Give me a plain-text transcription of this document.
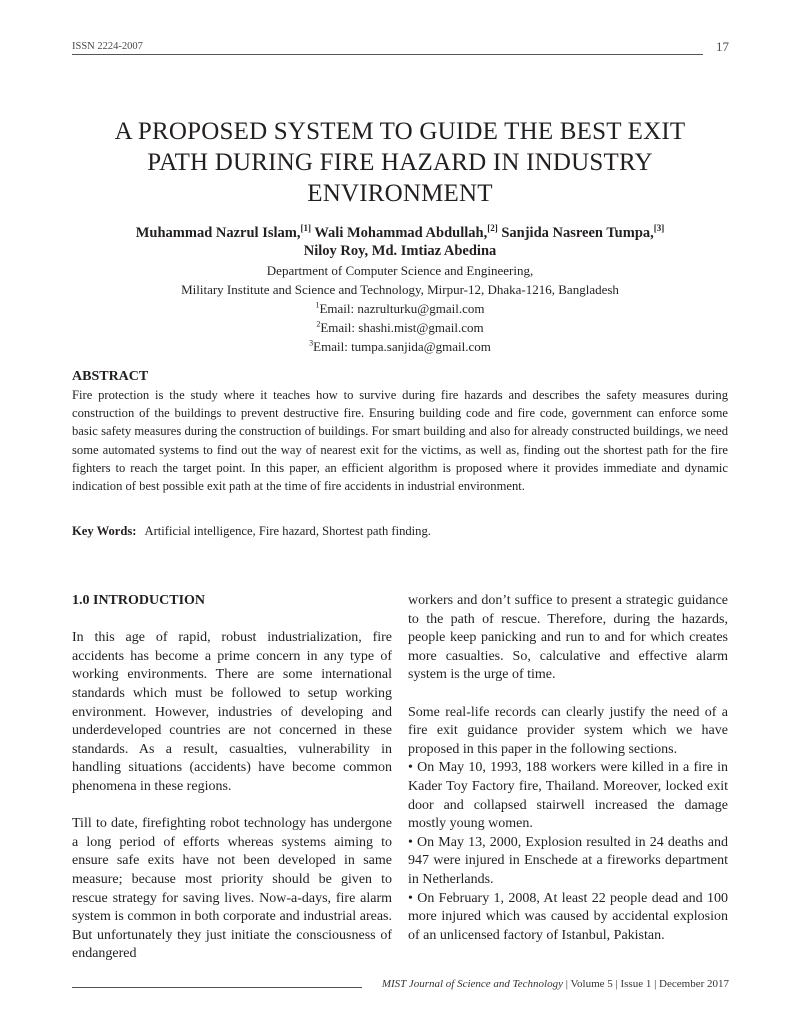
ISSN 2224-2007	17
A PROPOSED SYSTEM TO GUIDE THE BEST EXIT
PATH DURING FIRE HAZARD IN INDUSTRY
ENVIRONMENT
Muhammad Nazrul Islam,[1] Wali Mohammad Abdullah,[2] Sanjida Nasreen Tumpa,[3]
Niloy Roy, Md. Imtiaz Abedina
Department of Computer Science and Engineering,
Military Institute and Science and Technology, Mirpur-12, Dhaka-1216, Bangladesh
$^1$Email: nazrulturku@gmail.com
$^2$Email: shashi.mist@gmail.com
$^3$Email: tumpa.sanjida@gmail.com
ABSTRACT

Fire protection is the study where it teaches how to survive during fire hazards and describes the safety measures during construction of the buildings to prevent destructive fire. Ensuring building code and fire code, government can enforce some basic safety measures during the construction of buildings. For smart building and also for already constructed buildings, we need some automated systems to find out the way of nearest exit for the victims, as well as, finding out the shortest path for the fire fighters to reach the target point. In this paper, an efficient algorithm is proposed where it provides immediate and dynamic indication of best possible exit path at the time of fire accidents in industrial environment.

Key Words: Artificial intelligence, Fire hazard, Shortest path finding.
1.0 INTRODUCTION

In this age of rapid, robust industrialization, fire accidents has become a prime concern in any type of working environments. There are some international standards which must be followed to setup working environment. However, industries of developing and underdeveloped countries are not concerned in these standards. As a result, casualties, vulnerability in handling situations (accidents) have become common phenomena in these regions.

Till to date, firefighting robot technology has undergone a long period of efforts whereas systems aiming to ensure safe exits have not been developed in same measure; because most priority should be given to rescue strategy for saving lives. Now-a-days, fire alarm system is common in both corporate and industrial areas. But unfortunately they just initiate the consciousness of endangered

workers and don’t suffice to present a strategic guidance to the path of rescue. Therefore, during the hazards, people keep panicking and run to and for which creates more casualties. So, calculative and effective alarm system is the urge of time.

Some real-life records can clearly justify the need of a fire exit guidance provider system which we have proposed in this paper in the following sections.

• On May 10, 1993, 188 workers were killed in a fire in Kader Toy Factory fire, Thailand. Moreover, locked exit door and collapsed stairwell increased the damage mostly young women.

• On May 13, 2000, Explosion resulted in 24 deaths and 947 were injured in Enschede at a fireworks department in Netherlands.

• On February 1, 2008, At least 22 people dead and 100 more injured which was caused by accidental explosion of an unlicensed factory of Istanbul, Pakistan.

MIST Journal of Science and Technology | Volume 5 | Issue 1 | December 2017
